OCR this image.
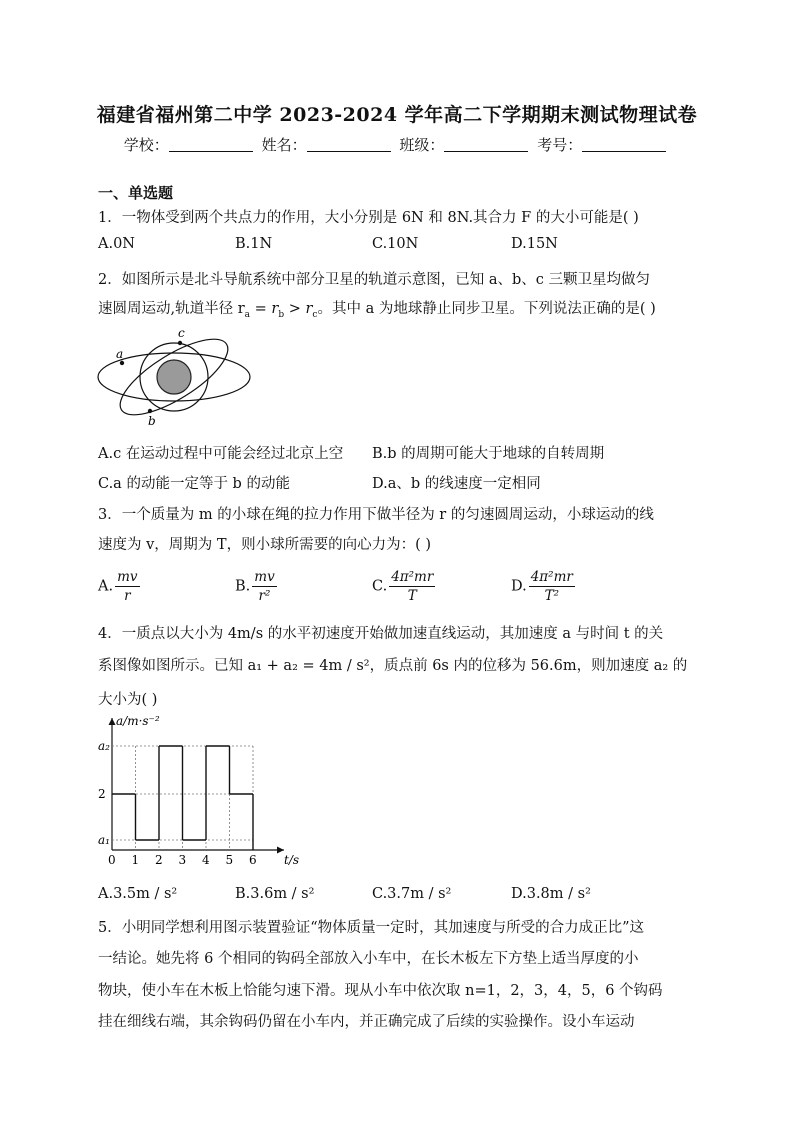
福建省福州第二中学 2023-2024 学年高二下学期期末测试物理试卷
学校：	姓名：	班级：	考号：
一、单选题
1．一物体受到两个共点力的作用，大小分别是 6N 和 8N.其合力 F 的大小可能是( )
A.0N	B.1N	C.10N	D.15N
2．如图所示是北斗导航系统中部分卫星的轨道示意图，已知 a、b、c 三颗卫星均做匀
速圆周运动,轨道半径 $r_a = r_b > r_c$。其中 a 为地球静止同步卫星。下列说法正确的是( )
a
b
c
A.c 在运动过程中可能会经过北京上空 B.b 的周期可能大于地球的自转周期
C.a 的动能一定等于 b 的动能	D.a、b 的线速度一定相同
3．一个质量为 m 的小球在绳的拉力作用下做半径为 r 的匀速圆周运动，小球运动的线
速度为 v，周期为 T，则小球所需要的向心力为：( )
A. $\frac{mv}{r}$	B. $\frac{mv}{\text{r²}}$	C. $\frac{\text{4π²mr}}{T}$	D. $\frac{\text{4π²mr}}{\text{T²}}$
4．一质点以大小为 4m/s 的水平初速度开始做加速直线运动，其加速度 a 与时间 t 的关
系图像如图所示。已知 a₁ + a₂ = 4m / s²，质点前 6s 内的位移为 56.6m，则加速度 a₂ 的
大小为( )
a/m·s⁻²
t/s
0 1 2 3 4 5 6
a₁
2
a₂
A.3.5m / s²	B.3.6m / s²	C.3.7m / s²	D.3.8m / s²
5．小明同学想利用图示装置验证“物体质量一定时，其加速度与所受的合力成正比”这
一结论。她先将 6 个相同的钩码全部放入小车中，在长木板左下方垫上适当厚度的小
物块，使小车在木板上恰能匀速下滑。现从小车中依次取 n=1，2，3，4，5，6 个钩码
挂在细线右端，其余钩码仍留在小车内，并正确完成了后续的实验操作。设小车运动
